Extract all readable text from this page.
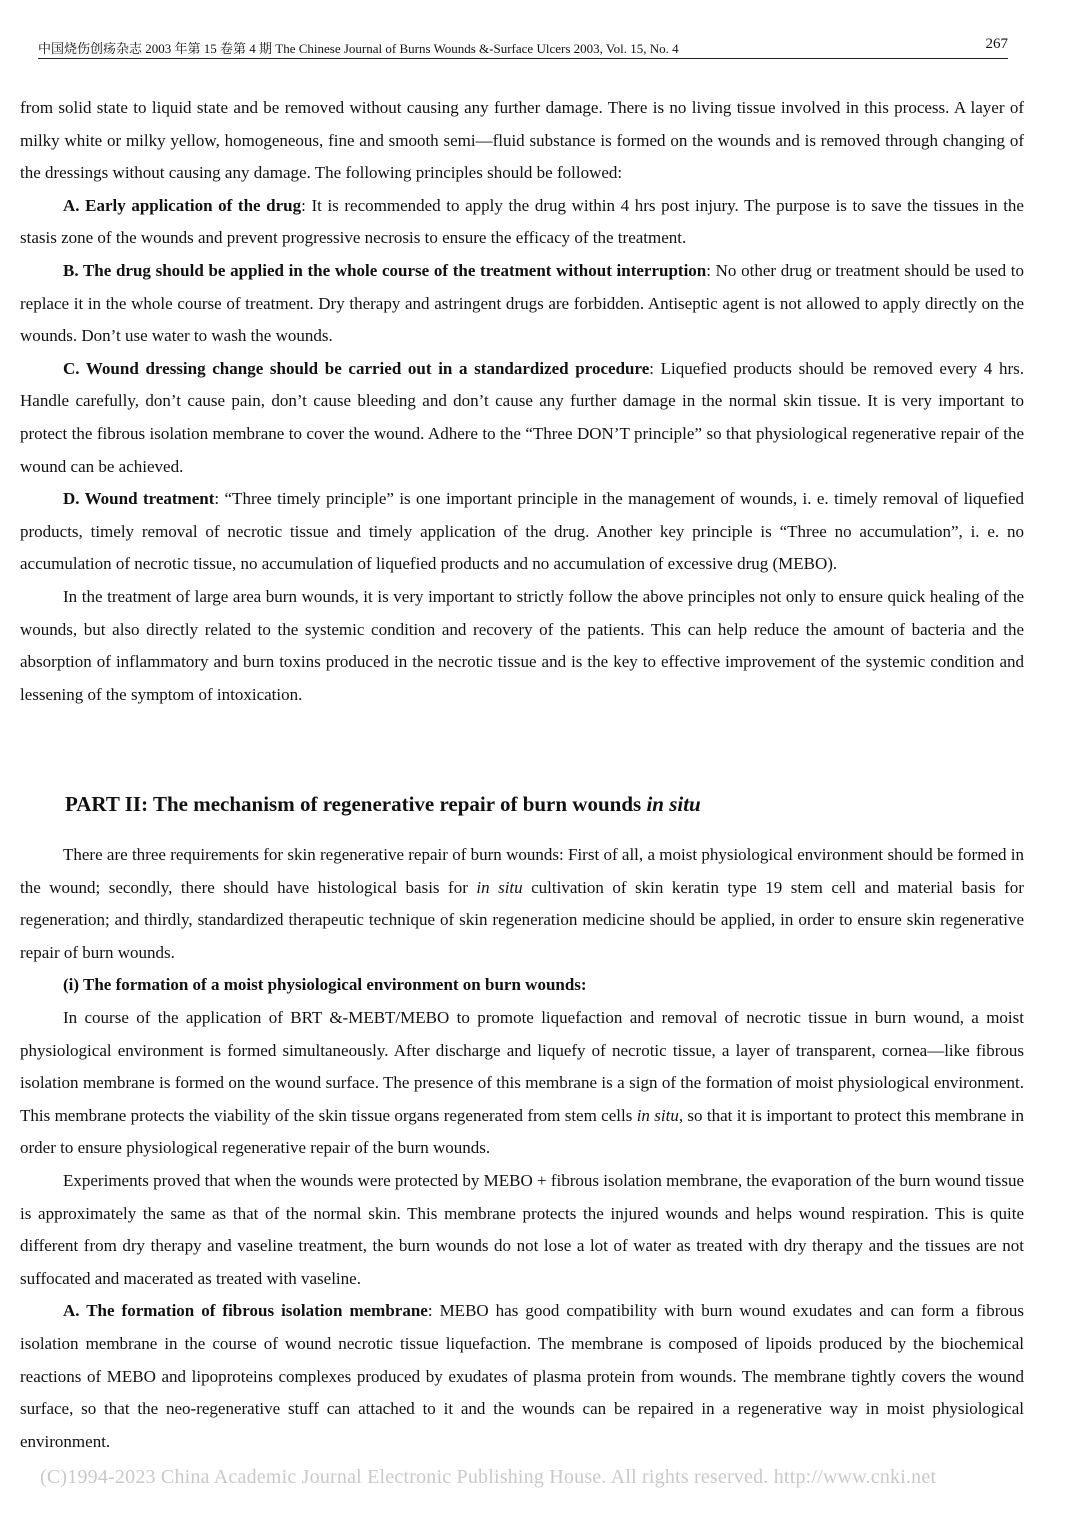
中国烧伤创疡杂志 2003 年第 15 卷第 4 期 The Chinese Journal of Burns Wounds &-Surface Ulcers 2003, Vol. 15, No. 4	267

from solid state to liquid state and be removed without causing any further damage. There is no living tissue involved in this process. A layer of milky white or milky yellow, homogeneous, fine and smooth semi—fluid substance is formed on the wounds and is removed through changing of the dressings without causing any damage. The following principles should be followed:

A. Early application of the drug: It is recommended to apply the drug within 4 hrs post injury. The purpose is to save the tissues in the stasis zone of the wounds and prevent progressive necrosis to ensure the efficacy of the treatment.

B. The drug should be applied in the whole course of the treatment without interruption: No other drug or treatment should be used to replace it in the whole course of treatment. Dry therapy and astringent drugs are forbidden. Antiseptic agent is not allowed to apply directly on the wounds. Don’t use water to wash the wounds.

C. Wound dressing change should be carried out in a standardized procedure: Liquefied products should be removed every 4 hrs. Handle carefully, don’t cause pain, don’t cause bleeding and don’t cause any further damage in the normal skin tissue. It is very important to protect the fibrous isolation membrane to cover the wound. Adhere to the “Three DON’T principle” so that physiological regenerative repair of the wound can be achieved.

D. Wound treatment: “Three timely principle” is one important principle in the management of wounds, i. e. timely removal of liquefied products, timely removal of necrotic tissue and timely application of the drug. Another key principle is “Three no accumulation”, i. e. no accumulation of necrotic tissue, no accumulation of liquefied products and no accumulation of excessive drug (MEBO).

In the treatment of large area burn wounds, it is very important to strictly follow the above principles not only to ensure quick healing of the wounds, but also directly related to the systemic condition and recovery of the patients. This can help reduce the amount of bacteria and the absorption of inflammatory and burn toxins produced in the necrotic tissue and is the key to effective improvement of the systemic condition and lessening of the symptom of intoxication.

PART II: The mechanism of regenerative repair of burn wounds in situ

There are three requirements for skin regenerative repair of burn wounds: First of all, a moist physiological environment should be formed in the wound; secondly, there should have histological basis for in situ cultivation of skin keratin type 19 stem cell and material basis for regeneration; and thirdly, standardized therapeutic technique of skin regeneration medicine should be applied, in order to ensure skin regenerative repair of burn wounds.

(i) The formation of a moist physiological environment on burn wounds:

In course of the application of BRT &-MEBT/MEBO to promote liquefaction and removal of necrotic tissue in burn wound, a moist physiological environment is formed simultaneously. After discharge and liquefy of necrotic tissue, a layer of transparent, cornea—like fibrous isolation membrane is formed on the wound surface. The presence of this membrane is a sign of the formation of moist physiological environment. This membrane protects the viability of the skin tissue organs regenerated from stem cells in situ, so that it is important to protect this membrane in order to ensure physiological regenerative repair of the burn wounds.

Experiments proved that when the wounds were protected by MEBO + fibrous isolation membrane, the evaporation of the burn wound tissue is approximately the same as that of the normal skin. This membrane protects the injured wounds and helps wound respiration. This is quite different from dry therapy and vaseline treatment, the burn wounds do not lose a lot of water as treated with dry therapy and the tissues are not suffocated and macerated as treated with vaseline.

A. The formation of fibrous isolation membrane: MEBO has good compatibility with burn wound exudates and can form a fibrous isolation membrane in the course of wound necrotic tissue liquefaction. The membrane is composed of lipoids produced by the biochemical reactions of MEBO and lipoproteins complexes produced by exudates of plasma protein from wounds. The membrane tightly covers the wound surface, so that the neo-regenerative stuff can attached to it and the wounds can be repaired in a regenerative way in moist physiological environment.

(C)1994-2023 China Academic Journal Electronic Publishing House. All rights reserved. http://www.cnki.net
